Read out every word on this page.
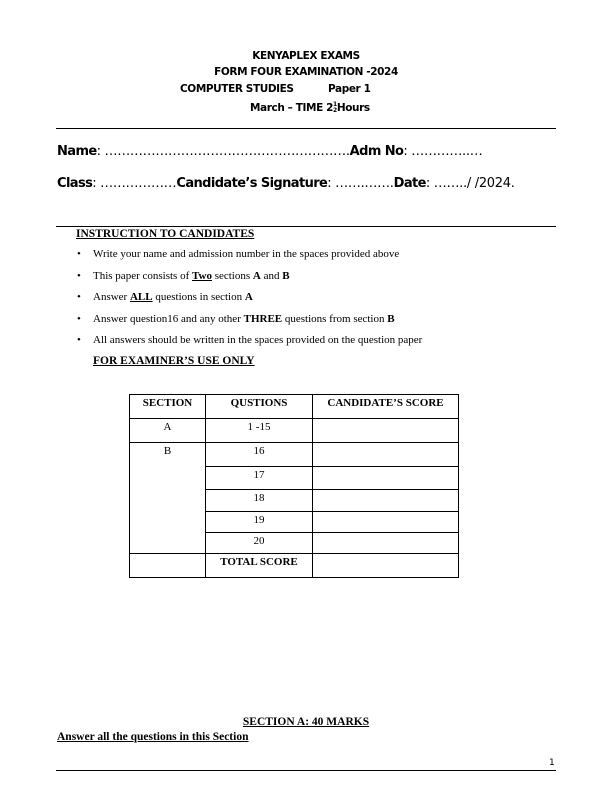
KENYAPLEX EXAMS
FORM FOUR EXAMINATION -2024
COMPUTER STUDIES	Paper 1
March – TIME 21
2Hours
Name: ………………………………………………….Adm No: …………..…
Class: ………………Candidate’s Signature: …….…….Date: ……../ /2024.
INSTRUCTION TO CANDIDATES
• Write your name and admission number in the spaces provided above
• This paper consists of Two sections A and B
• Answer ALL questions in section A
• Answer question16 and any other THREE questions from section B
• All answers should be written in the spaces provided on the question paper
FOR EXAMINER’S USE ONLY
SECTION	QUSTIONS	CANDIDATE’S SCORE
A	1 -15	
B	16	
	17	
	18	
	19	
	20	
	TOTAL SCORE	
SECTION A: 40 MARKS
Answer all the questions in this Section
1
